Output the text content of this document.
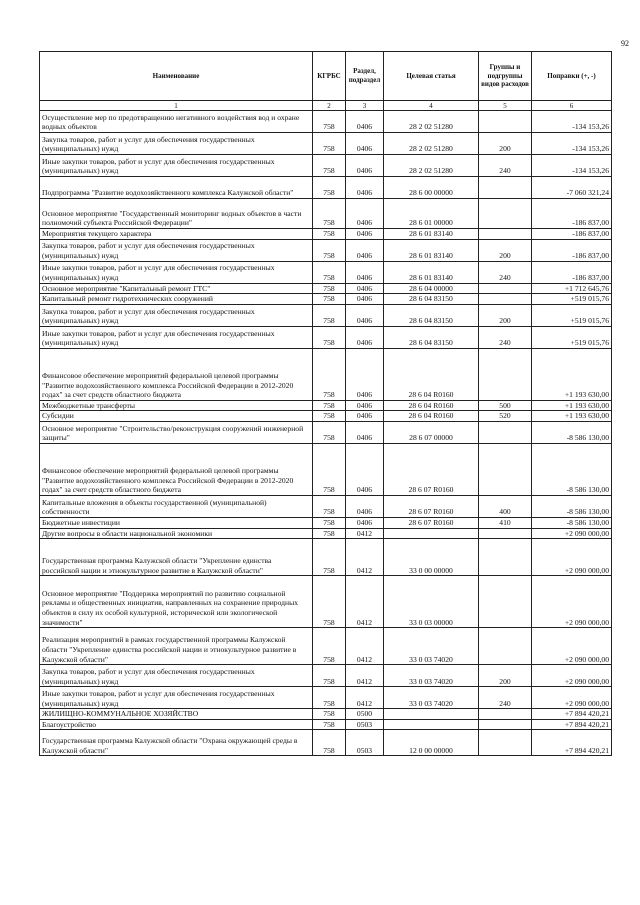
92
Наименование	КГРБС	Раздел, подраздел	Целевая статья	Группы и подгруппы видов расходов	Поправки (+, -)
1	2	3	4	5	6
Осуществление мер по предотвращению негативного воздействия вод и охране водных объектов	758	0406	28 2 02 51280		-134 153,26
Закупка товаров, работ и услуг для обеспечения государственных (муниципальных) нужд	758	0406	28 2 02 51280	200	-134 153,26
Иные закупки товаров, работ и услуг для обеспечения государственных (муниципальных) нужд	758	0406	28 2 02 51280	240	-134 153,26
Подпрограмма "Развитие водохозяйственного комплекса Калужской области"	758	0406	28 6 00 00000		-7 060 321,24
Основное мероприятие "Государственный мониторинг водных объектов в части полномочий субъекта Российской Федерации"	758	0406	28 6 01 00000		-186 837,00
Мероприятия текущего характера	758	0406	28 6 01 83140		-186 837,00
Закупка товаров, работ и услуг для обеспечения государственных (муниципальных) нужд	758	0406	28 6 01 83140	200	-186 837,00
Иные закупки товаров, работ и услуг для обеспечения государственных (муниципальных) нужд	758	0406	28 6 01 83140	240	-186 837,00
Основное мероприятие "Капитальный ремонт ГТС"	758	0406	28 6 04 00000		+1 712 645,76
Капитальный ремонт гидротехнических сооружений	758	0406	28 6 04 83150		+519 015,76
Закупка товаров, работ и услуг для обеспечения государственных (муниципальных) нужд	758	0406	28 6 04 83150	200	+519 015,76
Иные закупки товаров, работ и услуг для обеспечения государственных (муниципальных) нужд	758	0406	28 6 04 83150	240	+519 015,76
Финансовое обеспечение мероприятий федеральной целевой программы "Развитие водохозяйственного комплекса Российской Федерации в 2012-2020 годах" за счет средств областного бюджета	758	0406	28 6 04 R0160		+1 193 630,00
Межбюджетные трансферты	758	0406	28 6 04 R0160	500	+1 193 630,00
Субсидии	758	0406	28 6 04 R0160	520	+1 193 630,00
Основное мероприятие "Строительство/реконструкция сооружений инженерной защиты"	758	0406	28 6 07 00000		-8 586 130,00
Финансовое обеспечение мероприятий федеральной целевой программы "Развитие водохозяйственного комплекса Российской Федерации в 2012-2020 годах" за счет средств областного бюджета	758	0406	28 6 07 R0160		-8 586 130,00
Капитальные вложения в объекты государственной (муниципальной) собственности	758	0406	28 6 07 R0160	400	-8 586 130,00
Бюджетные инвестиции	758	0406	28 6 07 R0160	410	-8 586 130,00
Другие вопросы в области национальной экономики	758	0412			+2 090 000,00
Государственная программа Калужской области "Укрепление единства российской нации и этнокультурное развитие в Калужской области"	758	0412	33 0 00 00000		+2 090 000,00
Основное мероприятие "Поддержка мероприятий по развитию социальной рекламы и общественных инициатив, направленных на сохранение природных объектов в силу их особой культурной, исторической или экологической значимости"	758	0412	33 0 03 00000		+2 090 000,00
Реализация мероприятий в рамках государственной программы Калужской области "Укрепление единства российской нации и этнокультурное развитие в Калужской области"	758	0412	33 0 03 74020		+2 090 000,00
Закупка товаров, работ и услуг для обеспечения государственных (муниципальных) нужд	758	0412	33 0 03 74020	200	+2 090 000,00
Иные закупки товаров, работ и услуг для обеспечения государственных (муниципальных) нужд	758	0412	33 0 03 74020	240	+2 090 000,00
ЖИЛИЩНО-КОММУНАЛЬНОЕ ХОЗЯЙСТВО	758	0500			+7 894 420,21
Благоустройство	758	0503			+7 894 420,21
Государственная программа Калужской области "Охрана окружающей среды в Калужской области"	758	0503	12 0 00 00000		+7 894 420,21
